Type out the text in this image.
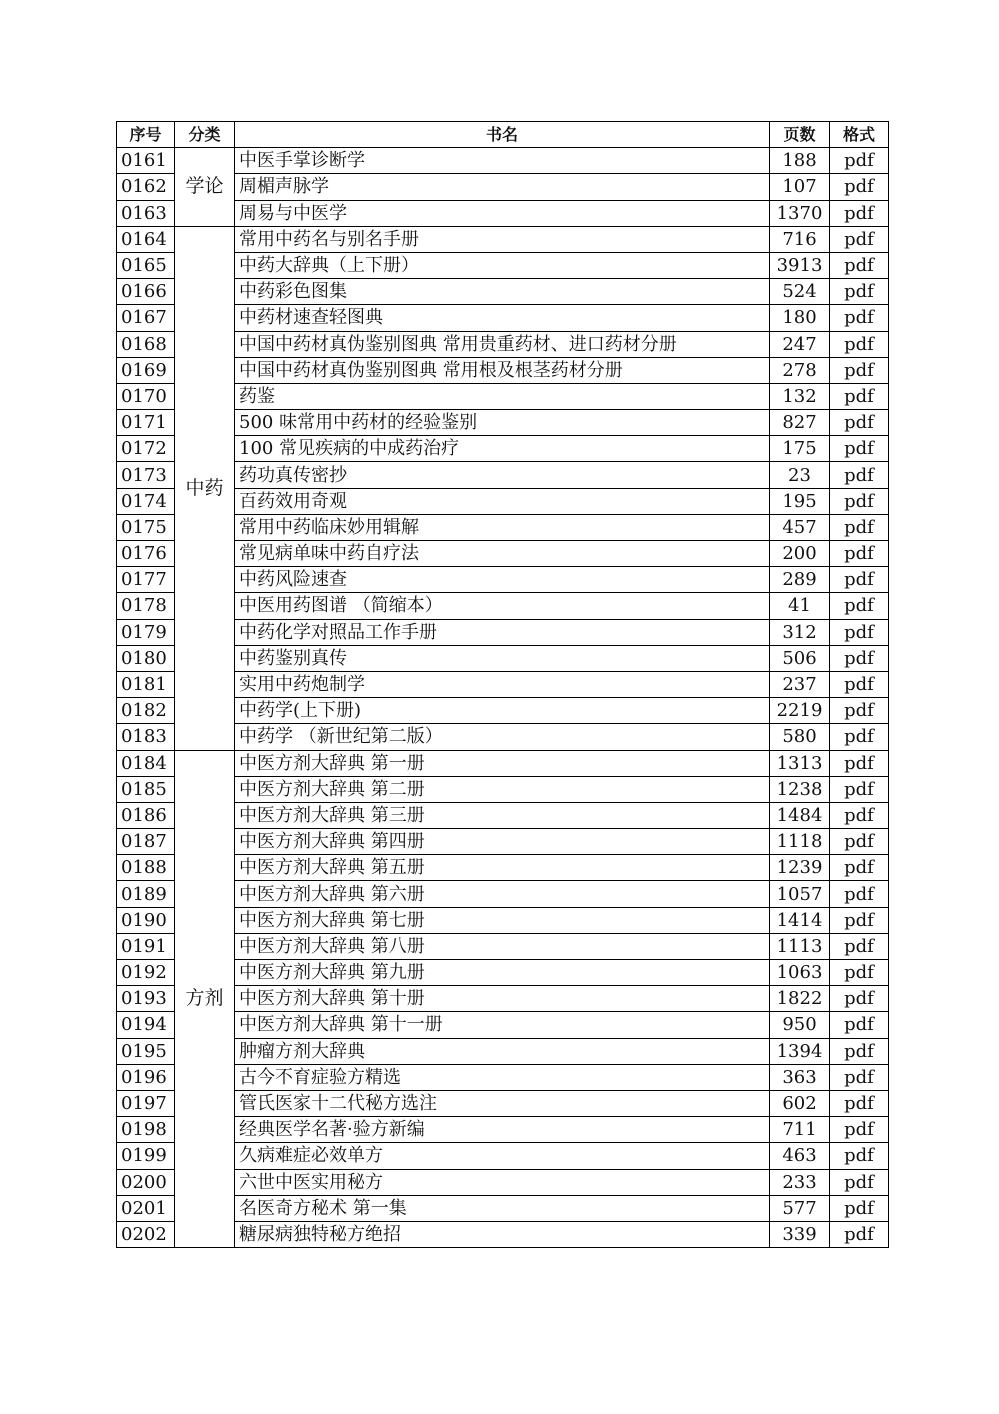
序号	分类	书名	页数	格式
0161	学论	中医手掌诊断学	188	pdf
0162		周楣声脉学	107	pdf
0163		周易与中医学	1370	pdf
0164	中药	常用中药名与别名手册	716	pdf
0165		中药大辞典（上下册）	3913	pdf
0166		中药彩色图集	524	pdf
0167		中药材速查轻图典	180	pdf
0168		中国中药材真伪鉴别图典 常用贵重药材、进口药材分册	247	pdf
0169		中国中药材真伪鉴别图典 常用根及根茎药材分册	278	pdf
0170		药鉴	132	pdf
0171		500 味常用中药材的经验鉴别	827	pdf
0172		100 常见疾病的中成药治疗	175	pdf
0173		药功真传密抄	23	pdf
0174		百药效用奇观	195	pdf
0175		常用中药临床妙用辑解	457	pdf
0176		常见病单味中药自疗法	200	pdf
0177		中药风险速查	289	pdf
0178		中医用药图谱 （简缩本）	41	pdf
0179		中药化学对照品工作手册	312	pdf
0180		中药鉴别真传	506	pdf
0181		实用中药炮制学	237	pdf
0182		中药学(上下册)	2219	pdf
0183		中药学 （新世纪第二版）	580	pdf
0184	方剂	中医方剂大辞典 第一册	1313	pdf
0185		中医方剂大辞典 第二册	1238	pdf
0186		中医方剂大辞典 第三册	1484	pdf
0187		中医方剂大辞典 第四册	1118	pdf
0188		中医方剂大辞典 第五册	1239	pdf
0189		中医方剂大辞典 第六册	1057	pdf
0190		中医方剂大辞典 第七册	1414	pdf
0191		中医方剂大辞典 第八册	1113	pdf
0192		中医方剂大辞典 第九册	1063	pdf
0193		中医方剂大辞典 第十册	1822	pdf
0194		中医方剂大辞典 第十一册	950	pdf
0195		肿瘤方剂大辞典	1394	pdf
0196		古今不育症验方精选	363	pdf
0197		管氏医家十二代秘方选注	602	pdf
0198		经典医学名著·验方新编	711	pdf
0199		久病难症必效单方	463	pdf
0200		六世中医实用秘方	233	pdf
0201		名医奇方秘术 第一集	577	pdf
0202		糖尿病独特秘方绝招	339	pdf
